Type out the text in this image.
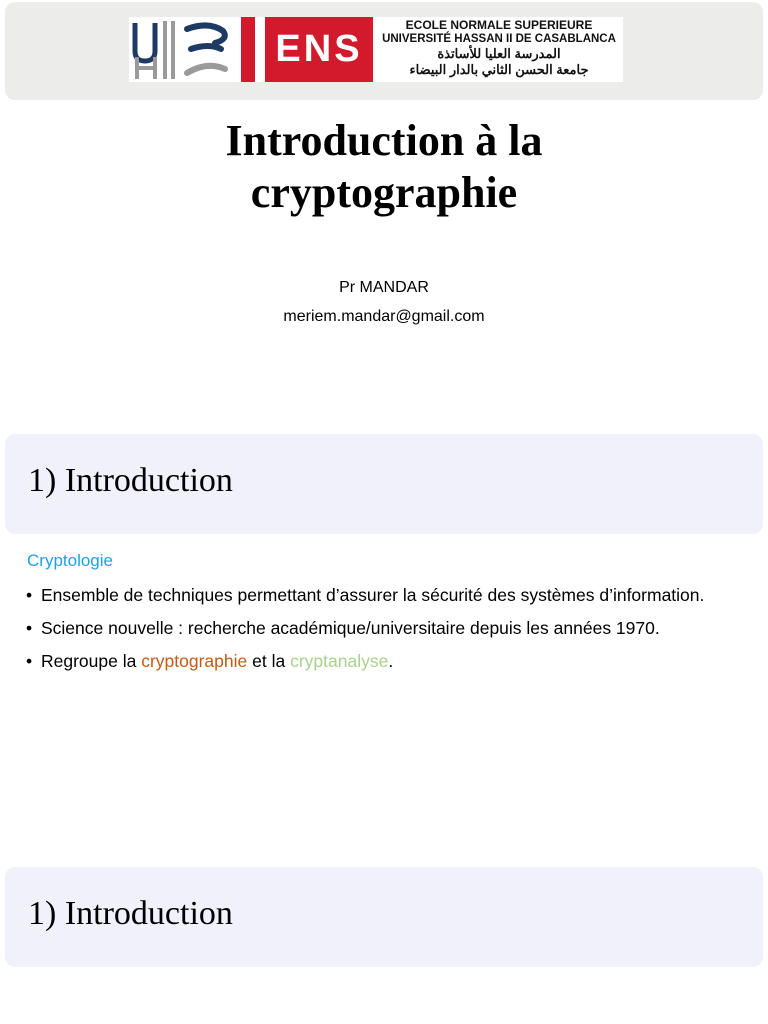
ENS
ECOLE NORMALE SUPERIEURE
UNIVERSITÉ HASSAN II DE CASABLANCA
المدرسة العليا للأساتذة
جامعة الحسن الثاني بالدار البيضاء
Introduction à la
cryptographie
Pr MANDAR
meriem.mandar@gmail.com
1) Introduction
Cryptologie
• Ensemble de techniques permettant d’assurer la sécurité des systèmes d’information.
• Science nouvelle : recherche académique/universitaire depuis les années 1970.
• Regroupe la cryptographie et la cryptanalyse.
1) Introduction
